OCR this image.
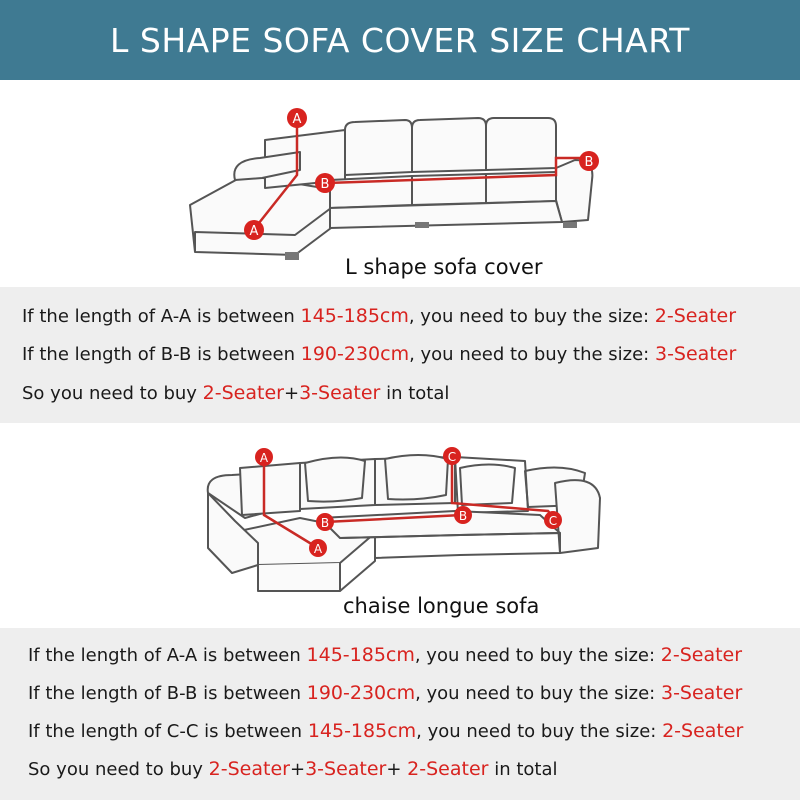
L SHAPE SOFA COVER SIZE CHART
A
A
B
B
L shape sofa cover
If the length of A-A is between 145-185cm, you need to buy the size: 2-Seater
If the length of B-B is between 190-230cm, you need to buy the size: 3-Seater
So you need to buy 2-Seater+3-Seater in total
A
A
B	B
C
C
chaise longue sofa
If the length of A-A is between 145-185cm, you need to buy the size: 2-Seater
If the length of B-B is between 190-230cm, you need to buy the size: 3-Seater
If the length of C-C is between 145-185cm, you need to buy the size: 2-Seater
So you need to buy 2-Seater+3-Seater+ 2-Seater in total
